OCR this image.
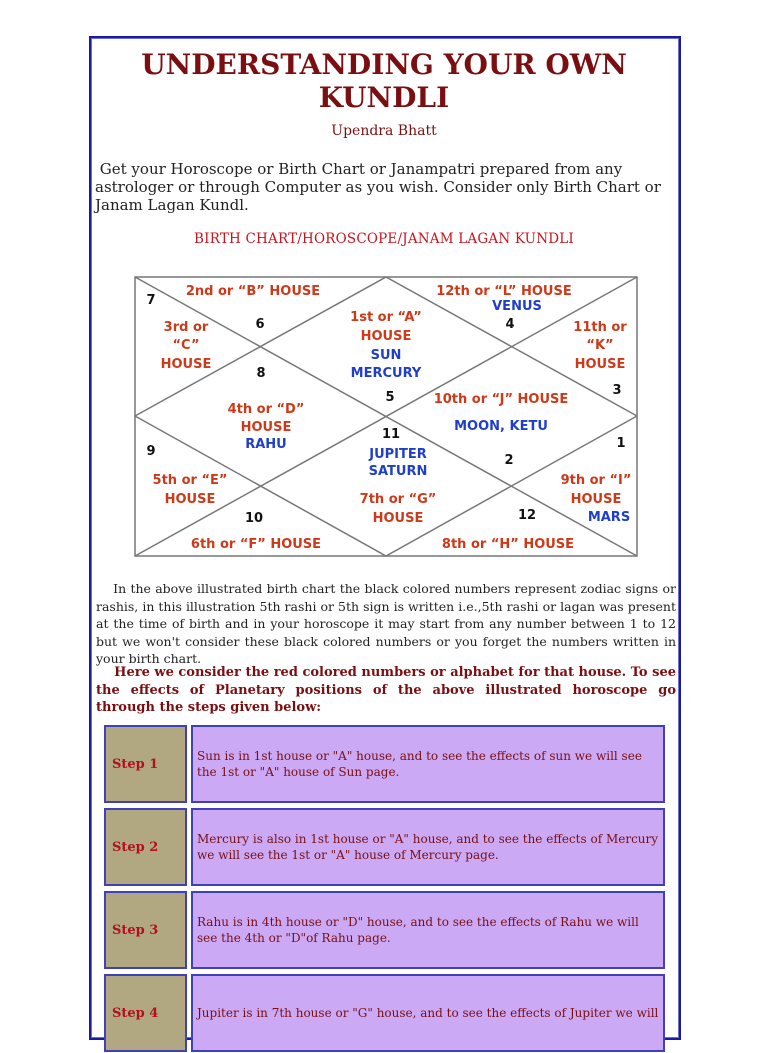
UNDERSTANDING YOUR OWN KUNDLI
Upendra Bhatt
Get your Horoscope or Birth Chart or Janampatri prepared from any astrologer or through Computer as you wish. Consider only Birth Chart or Janam Lagan Kundl.
BIRTH CHART/HOROSCOPE/JANAM LAGAN KUNDLI
2nd or “B” HOUSE	12th or “L” HOUSE
VENUS
1st or “A”
HOUSE
SUN
MERCURY
3rd or
“C”
HOUSE
11th or
“K”
HOUSE
4th or “D”
HOUSE
RAHU
10th or “J” HOUSE
MOON, KETU
JUPITER
SATURN
7th or “G”
HOUSE
5th or “E”
HOUSE
9th or “I”
HOUSE
MARS
6th or “F” HOUSE	8th or “H” HOUSE
7
6	4
8
5	3
11
9
1
2
10	12
In the above illustrated birth chart the black colored numbers represent zodiac signs or rashis, in this illustration 5th rashi or 5th sign is written i.e.,5th rashi or lagan was present at the time of birth and in your horoscope it may start from any number between 1 to 12 but we won't consider these black colored numbers or you forget the numbers written in your birth chart.
Here we consider the red colored numbers or alphabet for that house. To see the effects of Planetary positions of the above illustrated horoscope go through the steps given below:
Step 1
Sun is in 1st house or "A" house, and to see the effects of sun we will see the 1st or "A" house of Sun page.
Step 2
Mercury is also in 1st house or "A" house, and to see the effects of Mercury we will see the 1st or "A" house of Mercury page.
Step 3
Rahu is in 4th house or "D" house, and to see the effects of Rahu we will see the 4th or "D"of Rahu page.
Step 4	Jupiter is in 7th house or "G" house, and to see the effects of Jupiter we will
